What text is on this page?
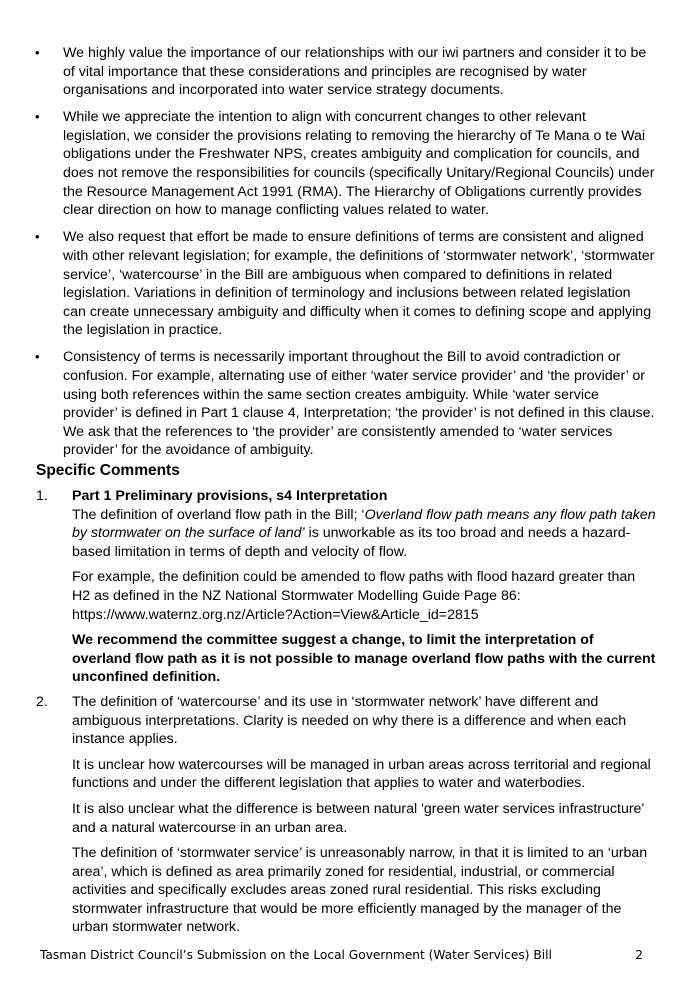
•	We highly value the importance of our relationships with our iwi partners and consider it to be of vital importance that these considerations and principles are recognised by water organisations and incorporated into water service strategy documents.
•	While we appreciate the intention to align with concurrent changes to other relevant legislation, we consider the provisions relating to removing the hierarchy of Te Mana o te Wai obligations under the Freshwater NPS, creates ambiguity and complication for councils, and does not remove the responsibilities for councils (specifically Unitary/Regional Councils) under the Resource Management Act 1991 (RMA). The Hierarchy of Obligations currently provides clear direction on how to manage conflicting values related to water.
•	We also request that effort be made to ensure definitions of terms are consistent and aligned with other relevant legislation; for example, the definitions of ‘stormwater network’, ‘stormwater service’, ‘watercourse’ in the Bill are ambiguous when compared to definitions in related legislation. Variations in definition of terminology and inclusions between related legislation can create unnecessary ambiguity and difficulty when it comes to defining scope and applying the legislation in practice.
•	Consistency of terms is necessarily important throughout the Bill to avoid contradiction or confusion. For example, alternating use of either ‘water service provider’ and ‘the provider’ or using both references within the same section creates ambiguity. While ‘water service provider’ is defined in Part 1 clause 4, Interpretation; ‘the provider’ is not defined in this clause. We ask that the references to ‘the provider’ are consistently amended to ‘water services provider’ for the avoidance of ambiguity.
Specific Comments
1. Part 1 Preliminary provisions, s4 Interpretation

The definition of overland flow path in the Bill; ‘Overland flow path means any flow path taken by stormwater on the surface of land’ is unworkable as its too broad and needs a hazard-based limitation in terms of depth and velocity of flow.

For example, the definition could be amended to flow paths with flood hazard greater than H2 as defined in the NZ National Stormwater Modelling Guide Page 86: https://www.waternz.org.nz/Article?Action=View&Article_id=2815

We recommend the committee suggest a change, to limit the interpretation of overland flow path as it is not possible to manage overland flow paths with the current unconfined definition.

2. The definition of ‘watercourse’ and its use in ‘stormwater network’ have different and ambiguous interpretations. Clarity is needed on why there is a difference and when each instance applies.

It is unclear how watercourses will be managed in urban areas across territorial and regional functions and under the different legislation that applies to water and waterbodies.

It is also unclear what the difference is between natural 'green water services infrastructure' and a natural watercourse in an urban area.

The definition of ‘stormwater service’ is unreasonably narrow, in that it is limited to an ‘urban area’, which is defined as area primarily zoned for residential, industrial, or commercial activities and specifically excludes areas zoned rural residential. This risks excluding stormwater infrastructure that would be more efficiently managed by the manager of the urban stormwater network.

Tasman District Council’s Submission on the Local Government (Water Services) Bill	2
